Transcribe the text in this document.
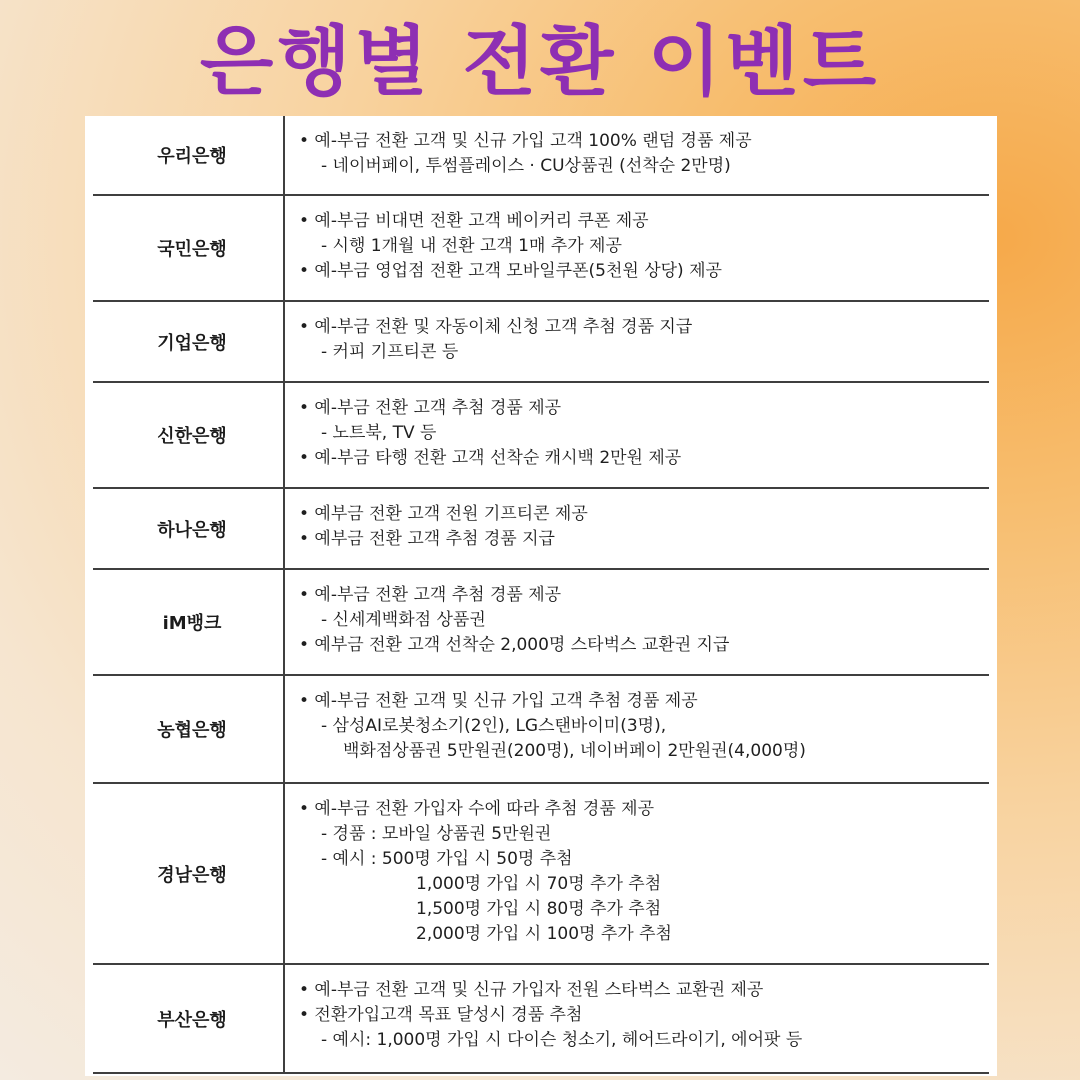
은행별 전환 이벤트
우리은행
• 예-부금 전환 고객 및 신규 가입 고객 100% 랜덤 경품 제공
- 네이버페이, 투썸플레이스 · CU상품권 (선착순 2만명)
국민은행
• 예-부금 비대면 전환 고객 베이커리 쿠폰 제공
- 시행 1개월 내 전환 고객 1매 추가 제공
• 예-부금 영업점 전환 고객 모바일쿠폰(5천원 상당) 제공
기업은행
• 예-부금 전환 및 자동이체 신청 고객 추첨 경품 지급
- 커피 기프티콘 등
신한은행
• 예-부금 전환 고객 추첨 경품 제공
- 노트북, TV 등
• 예-부금 타행 전환 고객 선착순 캐시백 2만원 제공
하나은행
• 예부금 전환 고객 전원 기프티콘 제공
• 예부금 전환 고객 추첨 경품 지급
iM뱅크
• 예-부금 전환 고객 추첨 경품 제공
- 신세계백화점 상품권
• 예부금 전환 고객 선착순 2,000명 스타벅스 교환권 지급
농협은행
• 예-부금 전환 고객 및 신규 가입 고객 추첨 경품 제공
- 삼성AI로봇청소기(2인), LG스탠바이미(3명),
백화점상품권 5만원권(200명), 네이버페이 2만원권(4,000명)
경남은행
• 예-부금 전환 가입자 수에 따라 추첨 경품 제공
- 경품 : 모바일 상품권 5만원권
- 예시 : 500명 가입 시 50명 추첨
1,000명 가입 시 70명 추가 추첨
1,500명 가입 시 80명 추가 추첨
2,000명 가입 시 100명 추가 추첨
부산은행
• 예-부금 전환 고객 및 신규 가입자 전원 스타벅스 교환권 제공
• 전환가입고객 목표 달성시 경품 추첨
- 예시: 1,000명 가입 시 다이슨 청소기, 헤어드라이기, 에어팟 등
